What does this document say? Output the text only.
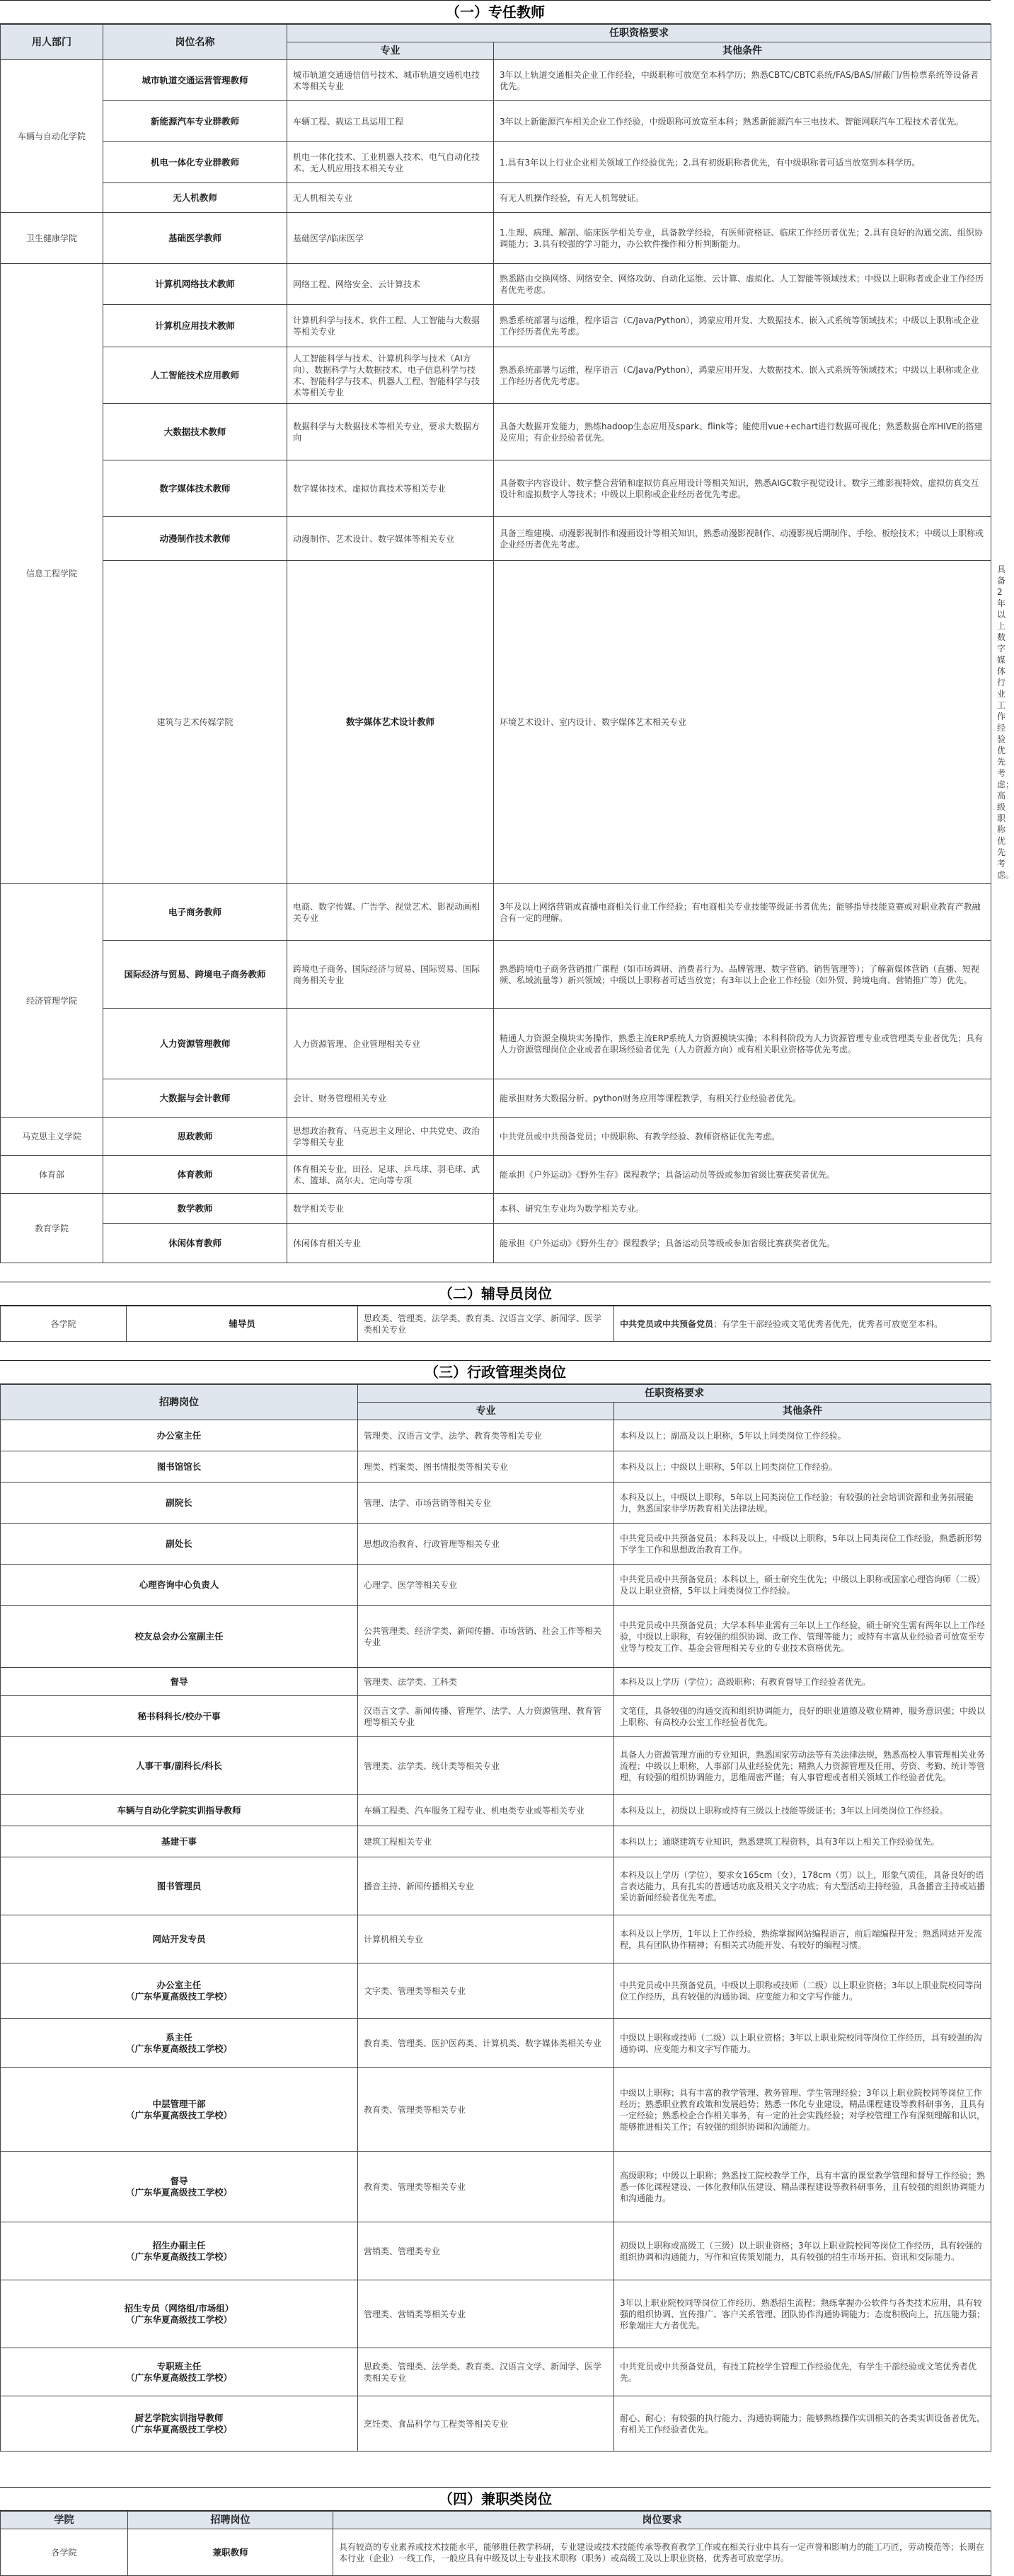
（一）专任教师
用人部门	岗位名称	任职资格要求		
		专业	其他条件	
车辆与自动化学院	城市轨道交通运营管理教师	城市轨道交通通信信号技术、城市轨道交通机电技术等相关专业	3年以上轨道交通相关企业工作经验，中级职称可放宽至本科学历；熟悉CBTC/CBTC系统/FAS/BAS/屏蔽门/售检票系统等设备者优先。	
	新能源汽车专业群教师	车辆工程、载运工具运用工程	3年以上新能源汽车相关企业工作经验，中级职称可放宽至本科；熟悉新能源汽车三电技术、智能网联汽车工程技术者优先。	
	机电一体化专业群教师	机电一体化技术、工业机器人技术、电气自动化技术、无人机应用技术相关专业	1.具有3年以上行业企业相关领域工作经验优先；2.具有初级职称者优先，有中级职称者可适当放宽到本科学历。	
	无人机教师	无人机相关专业	有无人机操作经验，有无人机驾驶证。	
卫生健康学院	基础医学教师	基础医学/临床医学	1.生理、病理、解剖、临床医学相关专业，具备教学经验，有医师资格证、临床工作经历者优先；2.具有良好的沟通交流、组织协调能力；3.具有较强的学习能力，办公软件操作和分析判断能力。	
信息工程学院	计算机网络技术教师	网络工程、网络安全、云计算技术	熟悉路由交换网络、网络安全、网络攻防、自动化运维、云计算、虚拟化、人工智能等领域技术；中级以上职称者或企业工作经历者优先考虑。	
	计算机应用技术教师	计算机科学与技术、软件工程、人工智能与大数据等相关专业	熟悉系统部署与运维，程序语言（C/Java/Python），鸿蒙应用开发、大数据技术、嵌入式系统等领域技术；中级以上职称或企业工作经历者优先考虑。	
	人工智能技术应用教师	人工智能科学与技术、计算机科学与技术（AI方向）、数据科学与大数据技术、电子信息科学与技术、智能科学与技术、机器人工程、智能科学与技术等相关专业	熟悉系统部署与运维，程序语言（C/Java/Python），鸿蒙应用开发、大数据技术、嵌入式系统等领域技术；中级以上职称或企业工作经历者优先考虑。	
	大数据技术教师	数据科学与大数据技术等相关专业，要求大数据方向	具备大数据开发能力，熟练hadoop生态应用及spark、flink等；能使用vue+echart进行数据可视化；熟悉数据仓库HIVE的搭建及应用；有企业经验者优先。	
	数字媒体技术教师	数字媒体技术、虚拟仿真技术等相关专业	具备数字内容设计、数字整合营销和虚拟仿真应用设计等相关知识，熟悉AIGC数字视觉设计、数字三维影视特效、虚拟仿真交互设计和虚拟数字人等技术；中级以上职称或企业经历者优先考虑。	
	动漫制作技术教师	动漫制作、艺术设计、数字媒体等相关专业	具备三维建模、动漫影视制作和漫画设计等相关知识，熟悉动漫影视制作、动漫影视后期制作、手绘、板绘技术；中级以上职称或企业经历者优先考虑。	
	建筑与艺术传媒学院	数字媒体艺术设计教师	环境艺术设计、室内设计、数字媒体艺术相关专业	具备2年以上数字媒体行业工作经验优先考虑；高级职称优先考虑。
经济管理学院	电子商务教师	电商、数字传媒、广告学、视觉艺术、影视动画相关专业	3年及以上网络营销或直播电商相关行业工作经验；有电商相关专业技能等级证书者优先；能够指导技能竞赛或对职业教育产教融合有一定的理解。	
	国际经济与贸易、跨境电子商务教师	跨境电子商务、国际经济与贸易、国际贸易、国际商务相关专业	熟悉跨境电子商务营销推广课程（如市场调研、消费者行为、品牌管理、数字营销、销售管理等）；了解新媒体营销（直播、短视频、私域流量等）新兴领域；中级以上职称者可适当放宽；有3年以上企业工作经验（如外贸、跨境电商、营销推广等）优先。	
	人力资源管理教师	人力资源管理、企业管理相关专业	精通人力资源全模块实务操作，熟悉主流ERP系统人力资源模块实操；本科科阶段为人力资源管理专业或管理类专业者优先；具有人力资源管理岗位企业或者在职场经验者优先（人力资源方向）或有相关职业资格等优先考虑。	
	大数据与会计教师	会计、财务管理相关专业	能承担财务大数据分析、python财务应用等课程教学，有相关行业经验者优先。	
马克思主义学院	思政教师	思想政治教育、马克思主义理论、中共党史、政治学等相关专业	中共党员或中共预备党员；中级职称、有教学经验、教师资格证优先考虑。	
体育部	体育教师	体育相关专业，田径、足球、乒乓球、羽毛球、武术、篮球、高尔夫、定向等专项	能承担《户外运动》《野外生存》课程教学；具备运动员等级或参加省级比赛获奖者优先。	
教育学院	数学教师	数学相关专业	本科、研究生专业均为数学相关专业。	
	休闲体育教师	休闲体育相关专业	能承担《户外运动》《野外生存》课程教学；具备运动员等级或参加省级比赛获奖者优先。	
（二）辅导员岗位
各学院	辅导员	思政类、管理类、法学类、教育类、汉语言文学、新闻学、医学类相关专业	中共党员或中共预备党员；有学生干部经验或文笔优秀者优先，优秀者可放宽至本科。
（三）行政管理类岗位
招聘岗位	任职资格要求	
	专业	其他条件
办公室主任	管理类、汉语言文学、法学、教育类等相关专业	本科及以上；副高及以上职称，5年以上同类岗位工作经验。
图书馆馆长	理类、档案类、图书情报类等相关专业	本科及以上；中级以上职称，5年以上同类岗位工作经验。
副院长	管理、法学、市场营销等相关专业	本科及以上，中级以上职称，5年以上同类岗位工作经验；有较强的社会培训资源和业务拓展能力，熟悉国家非学历教育相关法律法规。
副处长	思想政治教育、行政管理等相关专业	中共党员或中共预备党员；本科及以上，中级以上职称，5年以上同类岗位工作经验，熟悉新形势下学生工作和思想政治教育工作。
心理咨询中心负责人	心理学、医学等相关专业	中共党员或中共预备党员；本科以上，硕士研究生优先；中级以上职称或国家心理咨询师（二级）及以上职业资格，5年以上同类岗位工作经验。
校友总会办公室副主任	公共管理类、经济学类、新闻传播、市场营销、社会工作等相关专业	中共党员或中共预备党员；大学本科毕业需有三年以上工作经验，硕士研究生需有两年以上工作经验，中级以上职称，有较强的组织协调、政工作、管理等能力；或特有丰富从业经验者可放宽至专业等与校友工作、基金会管理相关专业的专业技术资格优先。
督导	管理类、法学类、工科类	本科及以上学历（学位）；高级职称；有教育督导工作经验者优先。
秘书科科长/校办干事	汉语言文学、新闻传播、管理学、法学、人力资源管理、教育管理等相关专业	文笔佳，具备较强的沟通交流和组织协调能力，良好的职业道德及敬业精神，服务意识强；中级以上职称、有高校办公室工作经验者优先。
人事干事/副科长/科长	管理类、法学类、统计类等相关专业	具备人力资源管理方面的专业知识，熟悉国家劳动法等有关法律法规，熟悉高校人事管理相关业务流程；中级以上职称，人事部门从业经验优先；精熟人力资源管理及任用，劳资、考勤、统计等管理，有较强的组织协调能力，思维周密严谨；有人事管理或者相关领域工作经验者优先。
车辆与自动化学院实训指导教师	车辆工程类、汽车服务工程专业、机电类专业或等相关专业	本科及以上，初级以上职称或持有三级以上技能等级证书；3年以上同类岗位工作经验。
基建干事	建筑工程相关专业	本科以上；通晓建筑专业知识，熟悉建筑工程资料，具有3年以上相关工作经验优先。
图书管理员	播音主持、新闻传播相关专业	本科及以上学历（学位），要求女165cm（女），178cm（男）以上，形象气质佳，具备良好的语言表达能力，具有扎实的普通话功底及相关文字功底；有大型活动主持经验，具备播音主持或站播采访新闻经验者优先考虑。
网站开发专员	计算机相关专业	本科及以上学历，1年以上工作经验，熟练掌握网站编程语言，前后端编程开发；熟悉网站开发流程，具有团队协作精神；有相关式功能开发、有较好的编程习惯。
办公室主任
（广东华夏高级技工学校）	文字类、管理类等相关专业	中共党员或中共预备党员，中级以上职称或技师（二级）以上职业资格；3年以上职业院校同等岗位工作经历，具有较强的沟通协调、应变能力和文字写作能力。
系主任
（广东华夏高级技工学校）	教育类、管理类、医护医药类、计算机类、数字媒体类相关专业	中级以上职称或技师（二级）以上职业资格；3年以上职业院校同等岗位工作经历，具有较强的沟通协调、应变能力和文字写作能力。
中层管理干部
（广东华夏高级技工学校）	教育类、管理类等相关专业	中级以上职称；具有丰富的教学管理、教务管理、学生管理经验；3年以上职业院校同等岗位工作经历；熟悉职业教育政策和发展趋势；熟悉一体化专业建设，精品课程建设等教科研事务，且具有一定经验；熟悉校企合作相关事务，有一定的社会实践经验；对学校管理工作有深刻理解和认识，能够推进相关工作；有较强的组织协调和沟通能力。
督导
（广东华夏高级技工学校）	教育类、管理类等相关专业	高级职称；中级以上职称；熟悉技工院校教学工作，具有丰富的课堂教学管理和督导工作经验；熟悉一体化课程建设、一体化教师队伍建设、精品课程建设等教科研事务，且有较强的组织协调能力和沟通能力。
招生办副主任
（广东华夏高级技工学校）	营销类、管理类专业	初级以上职称或高级工（三级）以上职业资格；3年以上职业院校同等岗位工作经历，具有较强的组织协调和沟通能力，写作和宣传策划能力，具有较强的招生市场开拓、资讯和交际能力。
招生专员（网络组/市场组）
（广东华夏高级技工学校）	管理类、营销类等相关专业	3年以上职业院校同等岗位工作经历，熟悉招生流程；熟练掌握办公软件与各类技术应用，具有较强的组织协调、宣传推广、客户关系管理、团队协作沟通协调能力；态度积极向上，抗压能力强；形象端庄大方者优先。
专职班主任
（广东华夏高级技工学校）	思政类、管理类、法学类、教育类、汉语言文学、新闻学、医学类相关专业	中共党员或中共预备党员，有技工院校学生管理工作经验优先，有学生干部经验或文笔优秀者优先。
厨艺学院实训指导教师
（广东华夏高级技工学校）	烹饪类、食品科学与工程类等相关专业	耐心、耐心；有较强的执行能力、沟通协调能力；能够熟练操作实训相关的各类实训设备者优先，有相关工作经验者优先。
（四）兼职类岗位
学院	招聘岗位	岗位要求
各学院	兼职教师	具有较高的专业素养或技术技能水平，能够胜任教学科研，专业建设或技术技能传承等教育教学工作或在相关行业中具有一定声誉和影响力的能工巧匠，劳动模范等；长期在本行业（企业）一线工作，一般应具有中级及以上专业技术职称（职务）或高级工及以上职业资格，优秀者可放宽学历。
